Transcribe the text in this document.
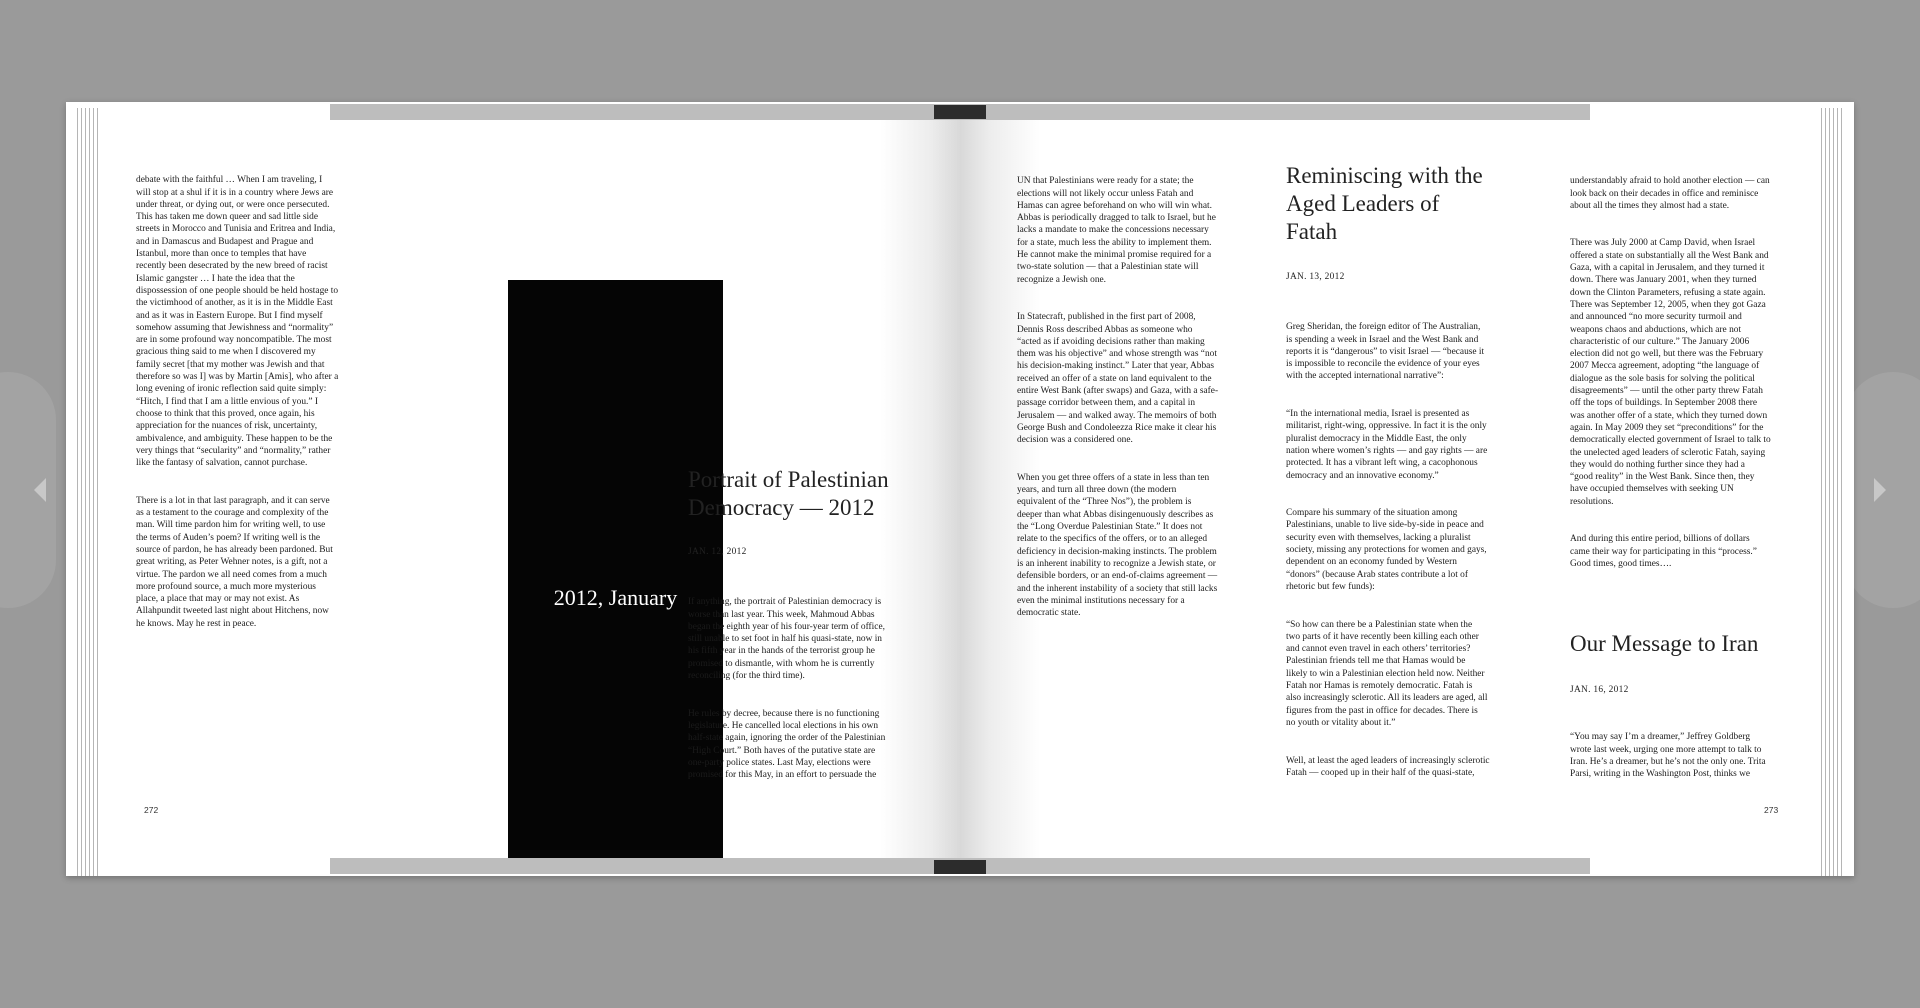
debate with the faithful … When I am traveling, I
will stop at a shul if it is in a country where Jews are
under threat, or dying out, or were once persecuted.
This has taken me down queer and sad little side
streets in Morocco and Tunisia and Eritrea and India,
and in Damascus and Budapest and Prague and
Istanbul, more than once to temples that have
recently been desecrated by the new breed of racist
Islamic gangster … I hate the idea that the
dispossession of one people should be held hostage to
the victimhood of another, as it is in the Middle East
and as it was in Eastern Europe. But I find myself
somehow assuming that Jewishness and “normality”
are in some profound way noncompatible. The most
gracious thing said to me when I discovered my
family secret [that my mother was Jewish and that
therefore so was I] was by Martin [Amis], who after a
long evening of ironic reflection said quite simply:
“Hitch, I find that I am a little envious of you.” I
choose to think that this proved, once again, his
appreciation for the nuances of risk, uncertainty,
ambivalence, and ambiguity. These happen to be the
very things that “secularity” and “normality,” rather
like the fantasy of salvation, cannot purchase.

There is a lot in that last paragraph, and it can serve
as a testament to the courage and complexity of the
man. Will time pardon him for writing well, to use
the terms of Auden’s poem? If writing well is the
source of pardon, he has already been pardoned. But
great writing, as Peter Wehner notes, is a gift, not a
virtue. The pardon we all need comes from a much
more profound source, a much more mysterious
place, a place that may or may not exist. As
Allahpundit tweeted last night about Hitchens, now
he knows. May he rest in peace.

2012, January
Portrait of Palestinian
Democracy — 2012
JAN. 12, 2012

If anything, the portrait of Palestinian democracy is
worse than last year. This week, Mahmoud Abbas
began the eighth year of his four-year term of office,
still unable to set foot in half his quasi-state, now in
his fifth year in the hands of the terrorist group he
promised to dismantle, with whom he is currently
reconciling (for the third time).

He rules by decree, because there is no functioning
legislature. He cancelled local elections in his own
half-state again, ignoring the order of the Palestinian
“High Court.” Both haves of the putative state are
one-party police states. Last May, elections were
promised for this May, in an effort to persuade the

272

UN that Palestinians were ready for a state; the
elections will not likely occur unless Fatah and
Hamas can agree beforehand on who will win what.
Abbas is periodically dragged to talk to Israel, but he
lacks a mandate to make the concessions necessary
for a state, much less the ability to implement them.
He cannot make the minimal promise required for a
two-state solution — that a Palestinian state will
recognize a Jewish one.

In Statecraft, published in the first part of 2008,
Dennis Ross described Abbas as someone who
“acted as if avoiding decisions rather than making
them was his objective” and whose strength was “not
his decision-making instinct.” Later that year, Abbas
received an offer of a state on land equivalent to the
entire West Bank (after swaps) and Gaza, with a safe-
passage corridor between them, and a capital in
Jerusalem — and walked away. The memoirs of both
George Bush and Condoleezza Rice make it clear his
decision was a considered one.

When you get three offers of a state in less than ten
years, and turn all three down (the modern
equivalent of the “Three Nos”), the problem is
deeper than what Abbas disingenuously describes as
the “Long Overdue Palestinian State.” It does not
relate to the specifics of the offers, or to an alleged
deficiency in decision-making instincts. The problem
is an inherent inability to recognize a Jewish state, or
defensible borders, or an end-of-claims agreement —
and the inherent instability of a society that still lacks
even the minimal institutions necessary for a
democratic state.

Reminiscing with the
Aged Leaders of
Fatah
JAN. 13, 2012

Greg Sheridan, the foreign editor of The Australian,
is spending a week in Israel and the West Bank and
reports it is “dangerous” to visit Israel — “because it
is impossible to reconcile the evidence of your eyes
with the accepted international narrative”:

“In the international media, Israel is presented as
militarist, right-wing, oppressive. In fact it is the only
pluralist democracy in the Middle East, the only
nation where women’s rights — and gay rights — are
protected. It has a vibrant left wing, a cacophonous
democracy and an innovative economy.”

Compare his summary of the situation among
Palestinians, unable to live side-by-side in peace and
security even with themselves, lacking a pluralist
society, missing any protections for women and gays,
dependent on an economy funded by Western
“donors” (because Arab states contribute a lot of
rhetoric but few funds):

“So how can there be a Palestinian state when the
two parts of it have recently been killing each other
and cannot even travel in each others’ territories?
Palestinian friends tell me that Hamas would be
likely to win a Palestinian election held now. Neither
Fatah nor Hamas is remotely democratic. Fatah is
also increasingly sclerotic. All its leaders are aged, all
figures from the past in office for decades. There is
no youth or vitality about it.”

Well, at least the aged leaders of increasingly sclerotic
Fatah — cooped up in their half of the quasi-state,

understandably afraid to hold another election — can
look back on their decades in office and reminisce
about all the times they almost had a state.

There was July 2000 at Camp David, when Israel
offered a state on substantially all the West Bank and
Gaza, with a capital in Jerusalem, and they turned it
down. There was January 2001, when they turned
down the Clinton Parameters, refusing a state again.
There was September 12, 2005, when they got Gaza
and announced “no more security turmoil and
weapons chaos and abductions, which are not
characteristic of our culture.” The January 2006
election did not go well, but there was the February
2007 Mecca agreement, adopting “the language of
dialogue as the sole basis for solving the political
disagreements” — until the other party threw Fatah
off the tops of buildings. In September 2008 there
was another offer of a state, which they turned down
again. In May 2009 they set “preconditions” for the
democratically elected government of Israel to talk to
the unelected aged leaders of sclerotic Fatah, saying
they would do nothing further since they had a
“good reality” in the West Bank. Since then, they
have occupied themselves with seeking UN
resolutions.

And during this entire period, billions of dollars
came their way for participating in this “process.”
Good times, good times….

Our Message to Iran
JAN. 16, 2012

“You may say I’m a dreamer,” Jeffrey Goldberg
wrote last week, urging one more attempt to talk to
Iran. He’s a dreamer, but he’s not the only one. Trita
Parsi, writing in the Washington Post, thinks we

273
